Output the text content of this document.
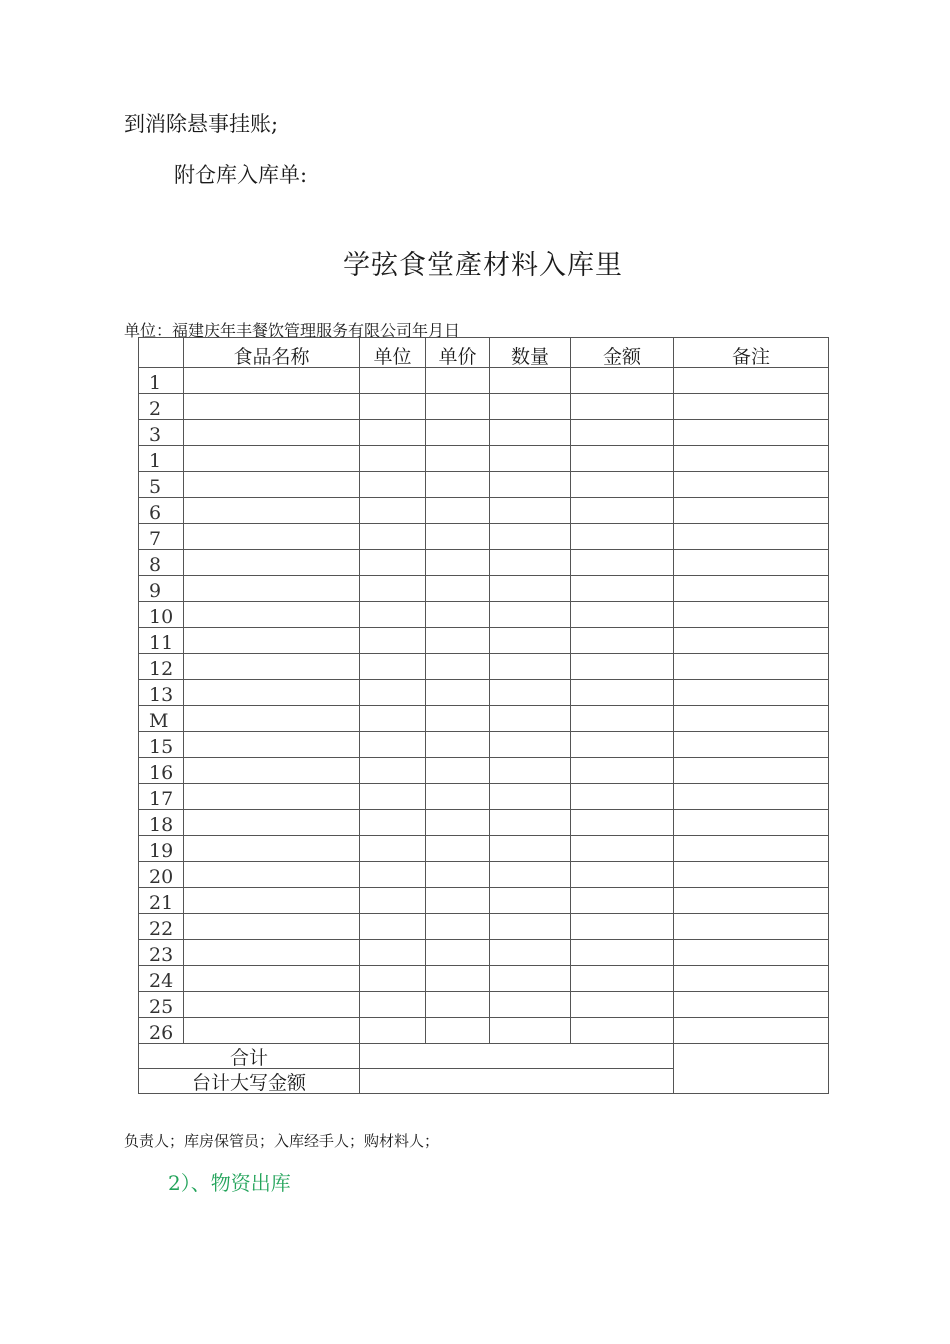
到消除悬事挂账;
附仓库入库单:
学弦食堂產材料入库里
单位：福建庆年丰餐饮管理服务有限公司年月日
	食品名称	单位	单价	数量	金额	备注
1						
2						
3						
1						
5						
6						
7						
8						
9						
10						
11						
12						
13						
M						
15						
16						
17						
18						
19						
20						
21						
22						
23						
24						
25						
26						
合计						
台计大写金额						
负责人；库房保管员；入库经手人；购材料人；
2）、物资出库
